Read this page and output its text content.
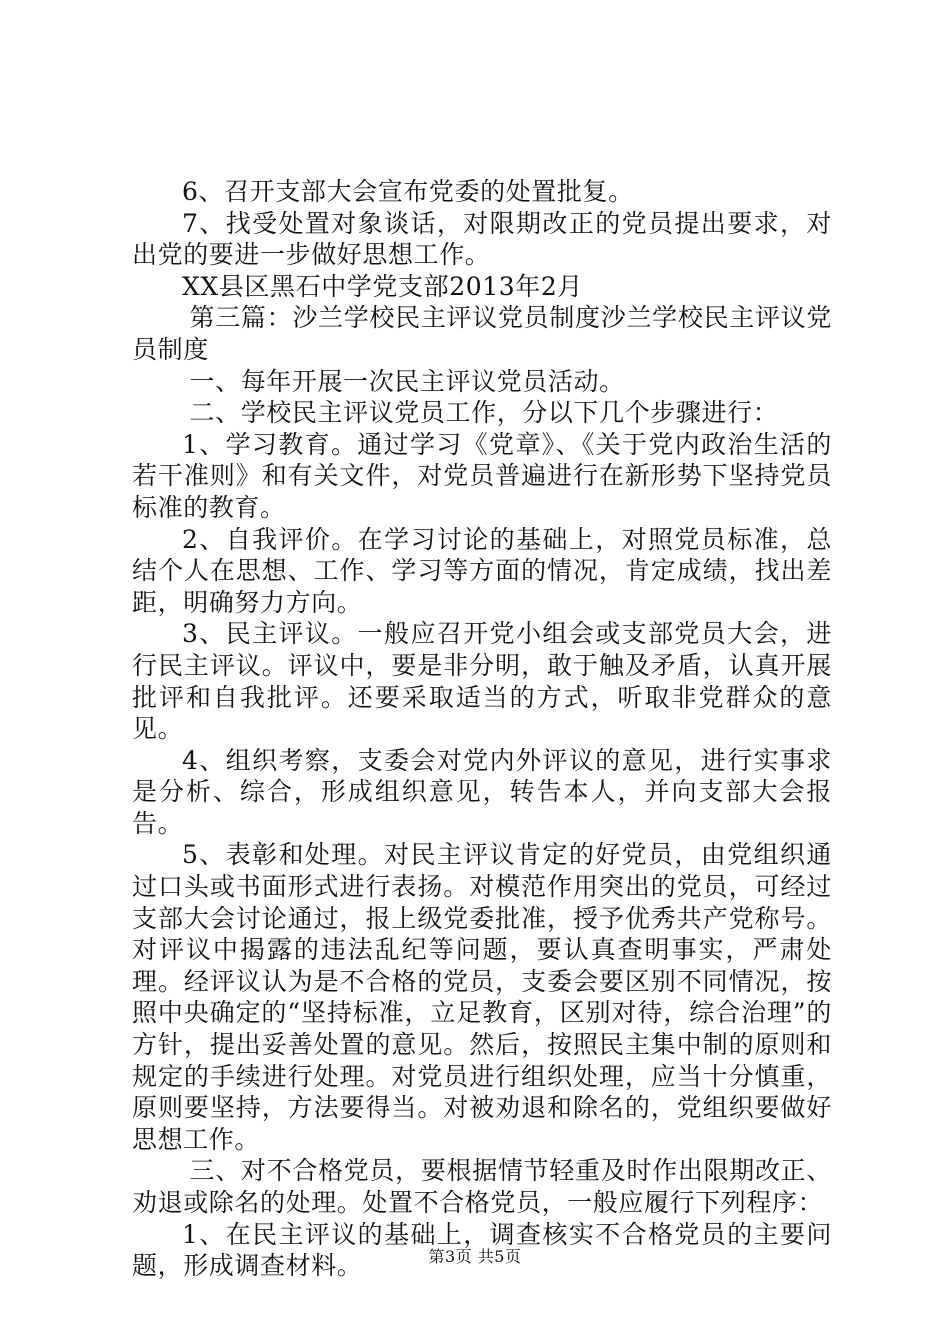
6、召开支部大会宣布党委的处置批复。

7、找受处置对象谈话，对限期改正的党员提出要求，对出党的要进一步做好思想工作。

XX县区黑石中学党支部2013年2月

第三篇：沙兰学校民主评议党员制度沙兰学校民主评议党员制度

一、每年开展一次民主评议党员活动。

二、学校民主评议党员工作，分以下几个步骤进行：

1、学习教育。通过学习《党章》、《关于党内政治生活的若干准则》和有关文件，对党员普遍进行在新形势下坚持党员标准的教育。

2、自我评价。在学习讨论的基础上，对照党员标准，总结个人在思想、工作、学习等方面的情况，肯定成绩，找出差距，明确努力方向。

3、民主评议。一般应召开党小组会或支部党员大会，进行民主评议。评议中，要是非分明，敢于触及矛盾，认真开展批评和自我批评。还要采取适当的方式，听取非党群众的意见。

4、组织考察，支委会对党内外评议的意见，进行实事求是分析、综合，形成组织意见，转告本人，并向支部大会报告。

5、表彰和处理。对民主评议肯定的好党员，由党组织通过口头或书面形式进行表扬。对模范作用突出的党员，可经过支部大会讨论通过，报上级党委批准，授予优秀共产党称号。对评议中揭露的违法乱纪等问题，要认真查明事实，严肃处理。经评议认为是不合格的党员，支委会要区别不同情况，按照中央确定的“坚持标准，立足教育，区别对待，综合治理”的方针，提出妥善处置的意见。然后，按照民主集中制的原则和规定的手续进行处理。对党员进行组织处理，应当十分慎重，原则要坚持，方法要得当。对被劝退和除名的，党组织要做好思想工作。

三、对不合格党员，要根据情节轻重及时作出限期改正、劝退或除名的处理。处置不合格党员，一般应履行下列程序：

1、在民主评议的基础上，调查核实不合格党员的主要问题，形成调查材料。	第3页 共5页
